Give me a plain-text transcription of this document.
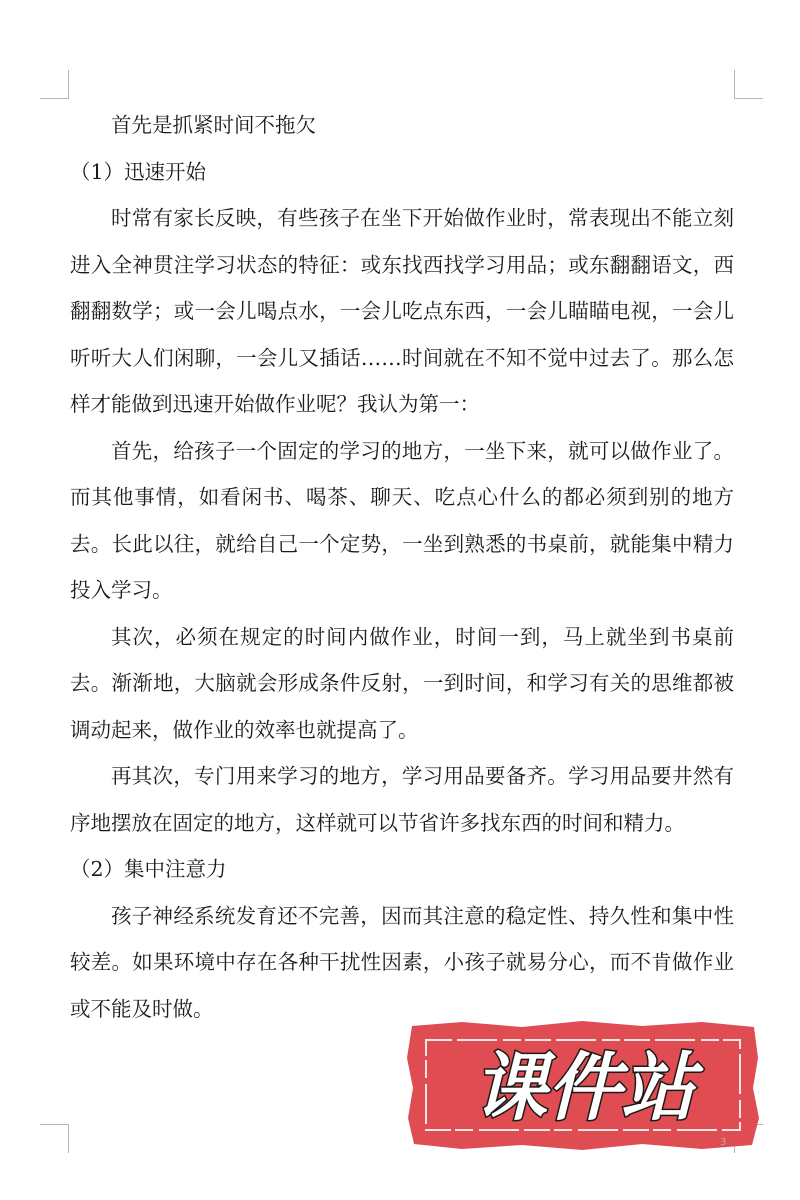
首先是抓紧时间不拖欠

（1）迅速开始

时常有家长反映，有些孩子在坐下开始做作业时，常表现出不能立刻进入全神贯注学习状态的特征：或东找西找学习用品；或东翻翻语文，西翻翻数学；或一会儿喝点水，一会儿吃点东西，一会儿瞄瞄电视，一会儿听听大人们闲聊，一会儿又插话……时间就在不知不觉中过去了。那么怎样才能做到迅速开始做作业呢？我认为第一：

首先，给孩子一个固定的学习的地方，一坐下来，就可以做作业了。而其他事情，如看闲书、喝茶、聊天、吃点心什么的都必须到别的地方去。长此以往，就给自己一个定势，一坐到熟悉的书桌前，就能集中精力投入学习。

其次，必须在规定的时间内做作业，时间一到，马上就坐到书桌前去。渐渐地，大脑就会形成条件反射，一到时间，和学习有关的思维都被调动起来，做作业的效率也就提高了。

再其次，专门用来学习的地方，学习用品要备齐。学习用品要井然有序地摆放在固定的地方，这样就可以节省许多找东西的时间和精力。

（2）集中注意力

孩子神经系统发育还不完善，因而其注意的稳定性、持久性和集中性较差。如果环境中存在各种干扰性因素，小孩子就易分心，而不肯做作业或不能及时做。

课件站
3
